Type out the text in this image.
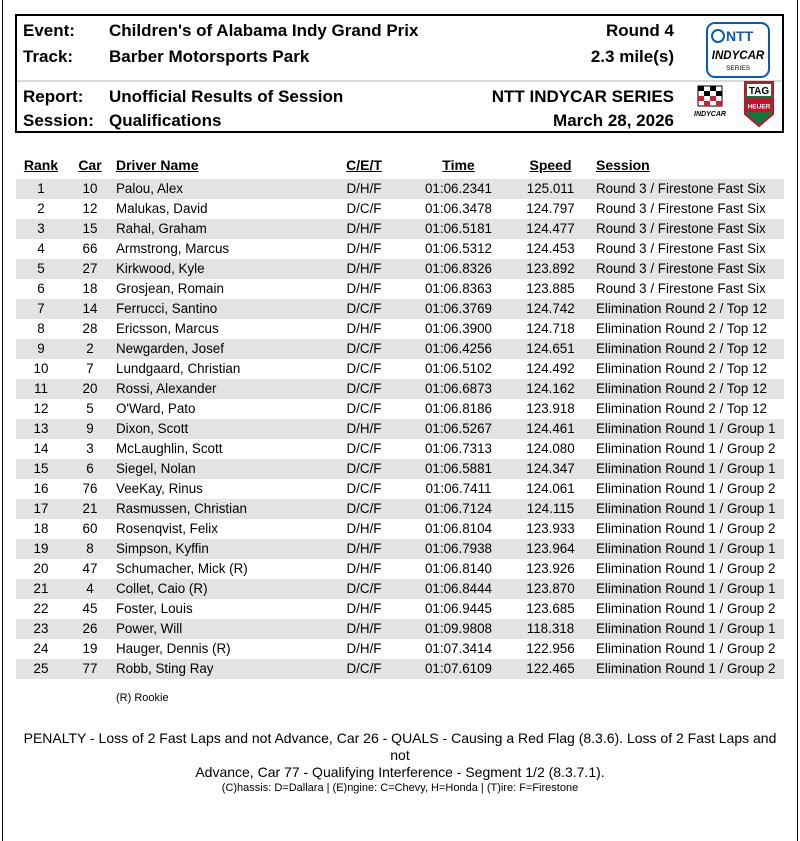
Event: Children's of Alabama Indy Grand Prix	Round 4
Track: Barber Motorsports Park	2.3 mile(s)
Report: Unofficial Results of Session	NTT INDYCAR SERIES
Session: Qualifications	March 28, 2026
NTT
INDYCAR
SERIES
INDYCAR
TAG
HEUER
Rank	Car	Driver Name	C/E/T	Time	Speed	Session
1	10	Palou, Alex	D/H/F	01:06.2341	125.011	Round 3 / Firestone Fast Six
2	12	Malukas, David	D/C/F	01:06.3478	124.797	Round 3 / Firestone Fast Six
3	15	Rahal, Graham	D/H/F	01:06.5181	124.477	Round 3 / Firestone Fast Six
4	66	Armstrong, Marcus	D/H/F	01:06.5312	124.453	Round 3 / Firestone Fast Six
5	27	Kirkwood, Kyle	D/H/F	01:06.8326	123.892	Round 3 / Firestone Fast Six
6	18	Grosjean, Romain	D/H/F	01:06.8363	123.885	Round 3 / Firestone Fast Six
7	14	Ferrucci, Santino	D/C/F	01:06.3769	124.742	Elimination Round 2 / Top 12
8	28	Ericsson, Marcus	D/H/F	01:06.3900	124.718	Elimination Round 2 / Top 12
9	2	Newgarden, Josef	D/C/F	01:06.4256	124.651	Elimination Round 2 / Top 12
10	7	Lundgaard, Christian	D/C/F	01:06.5102	124.492	Elimination Round 2 / Top 12
11	20	Rossi, Alexander	D/C/F	01:06.6873	124.162	Elimination Round 2 / Top 12
12	5	O'Ward, Pato	D/C/F	01:06.8186	123.918	Elimination Round 2 / Top 12
13	9	Dixon, Scott	D/H/F	01:06.5267	124.461	Elimination Round 1 / Group 1
14	3	McLaughlin, Scott	D/C/F	01:06.7313	124.080	Elimination Round 1 / Group 2
15	6	Siegel, Nolan	D/C/F	01:06.5881	124.347	Elimination Round 1 / Group 1
16	76	VeeKay, Rinus	D/C/F	01:06.7411	124.061	Elimination Round 1 / Group 2
17	21	Rasmussen, Christian	D/C/F	01:06.7124	124.115	Elimination Round 1 / Group 1
18	60	Rosenqvist, Felix	D/H/F	01:06.8104	123.933	Elimination Round 1 / Group 2
19	8	Simpson, Kyffin	D/H/F	01:06.7938	123.964	Elimination Round 1 / Group 1
20	47	Schumacher, Mick (R)	D/H/F	01:06.8140	123.926	Elimination Round 1 / Group 2
21	4	Collet, Caio (R)	D/C/F	01:06.8444	123.870	Elimination Round 1 / Group 1
22	45	Foster, Louis	D/H/F	01:06.9445	123.685	Elimination Round 1 / Group 2
23	26	Power, Will	D/H/F	01:09.9808	118.318	Elimination Round 1 / Group 1
24	19	Hauger, Dennis (R)	D/H/F	01:07.3414	122.956	Elimination Round 1 / Group 2
25	77	Robb, Sting Ray	D/C/F	01:07.6109	122.465	Elimination Round 1 / Group 2
(R) Rookie
PENALTY - Loss of 2 Fast Laps and not Advance, Car 26 - QUALS - Causing a Red Flag (8.3.6). Loss of 2 Fast Laps and not
Advance, Car 77 - Qualifying Interference - Segment 1/2 (8.3.7.1).
(C)hassis: D=Dallara | (E)ngine: C=Chevy, H=Honda | (T)ire: F=Firestone
